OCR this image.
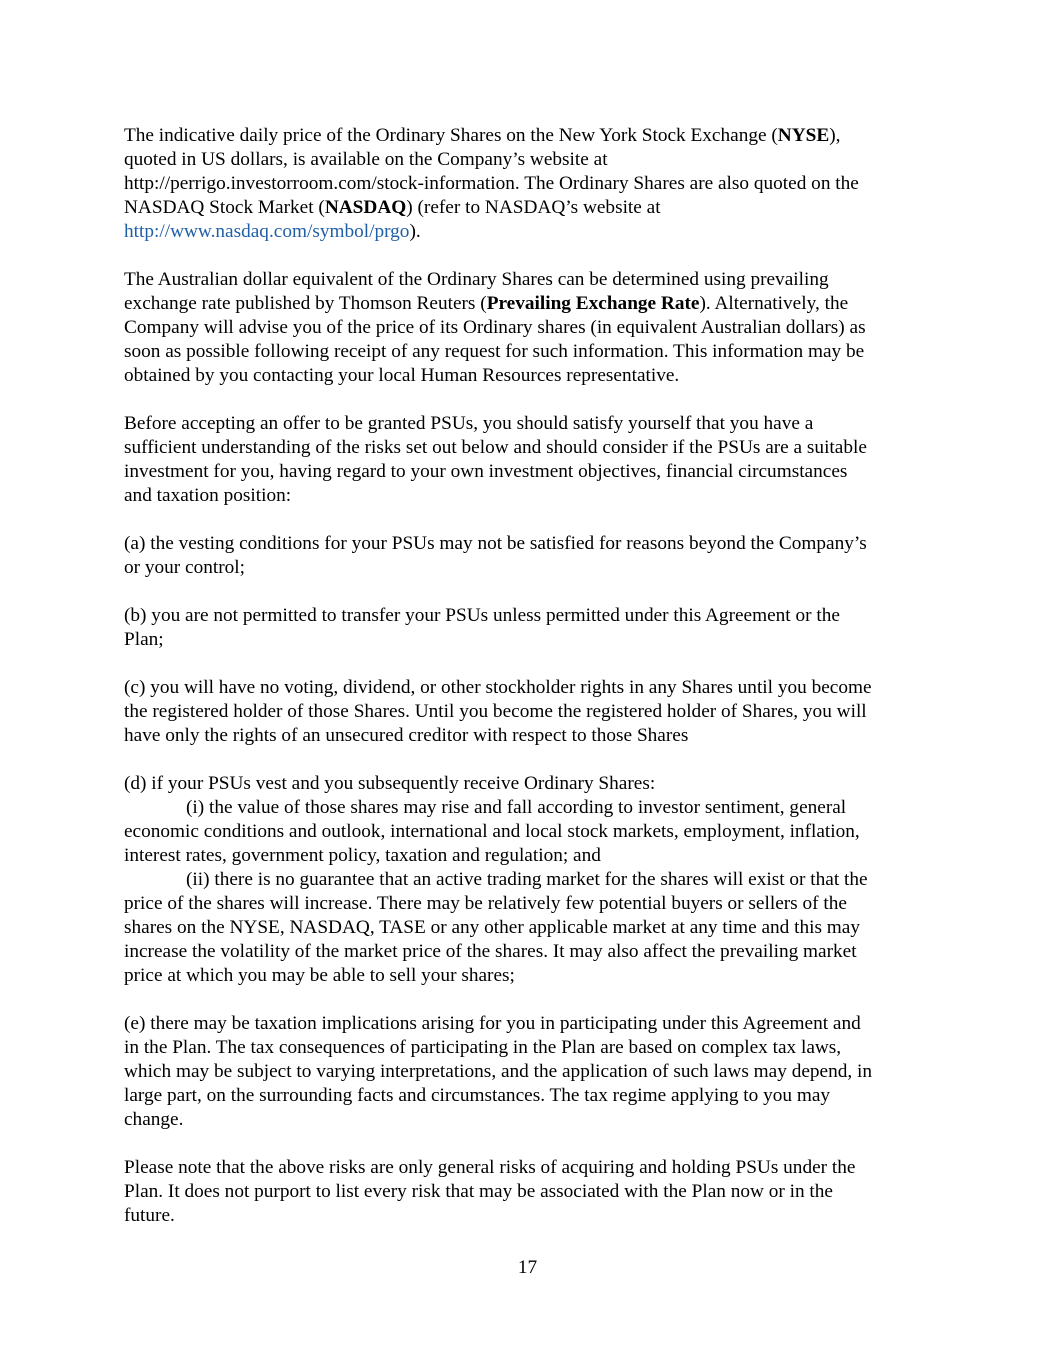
The indicative daily price of the Ordinary Shares on the New York Stock Exchange (NYSE),
quoted in US dollars, is available on the Company’s website at
http://perrigo.investorroom.com/stock-information. The Ordinary Shares are also quoted on the
NASDAQ Stock Market (NASDAQ) (refer to NASDAQ’s website at
http://www.nasdaq.com/symbol/prgo).

The Australian dollar equivalent of the Ordinary Shares can be determined using prevailing
exchange rate published by Thomson Reuters (Prevailing Exchange Rate). Alternatively, the
Company will advise you of the price of its Ordinary shares (in equivalent Australian dollars) as
soon as possible following receipt of any request for such information. This information may be
obtained by you contacting your local Human Resources representative.

Before accepting an offer to be granted PSUs, you should satisfy yourself that you have a
sufficient understanding of the risks set out below and should consider if the PSUs are a suitable
investment for you, having regard to your own investment objectives, financial circumstances
and taxation position:

(a) the vesting conditions for your PSUs may not be satisfied for reasons beyond the Company’s
or your control;

(b) you are not permitted to transfer your PSUs unless permitted under this Agreement or the
Plan;

(c) you will have no voting, dividend, or other stockholder rights in any Shares until you become
the registered holder of those Shares. Until you become the registered holder of Shares, you will
have only the rights of an unsecured creditor with respect to those Shares

(d) if your PSUs vest and you subsequently receive Ordinary Shares:
(i) the value of those shares may rise and fall according to investor sentiment, general
economic conditions and outlook, international and local stock markets, employment, inflation,
interest rates, government policy, taxation and regulation; and
(ii) there is no guarantee that an active trading market for the shares will exist or that the
price of the shares will increase. There may be relatively few potential buyers or sellers of the
shares on the NYSE, NASDAQ, TASE or any other applicable market at any time and this may
increase the volatility of the market price of the shares. It may also affect the prevailing market
price at which you may be able to sell your shares;

(e) there may be taxation implications arising for you in participating under this Agreement and
in the Plan. The tax consequences of participating in the Plan are based on complex tax laws,
which may be subject to varying interpretations, and the application of such laws may depend, in
large part, on the surrounding facts and circumstances. The tax regime applying to you may
change.

Please note that the above risks are only general risks of acquiring and holding PSUs under the
Plan. It does not purport to list every risk that may be associated with the Plan now or in the
future.

17
